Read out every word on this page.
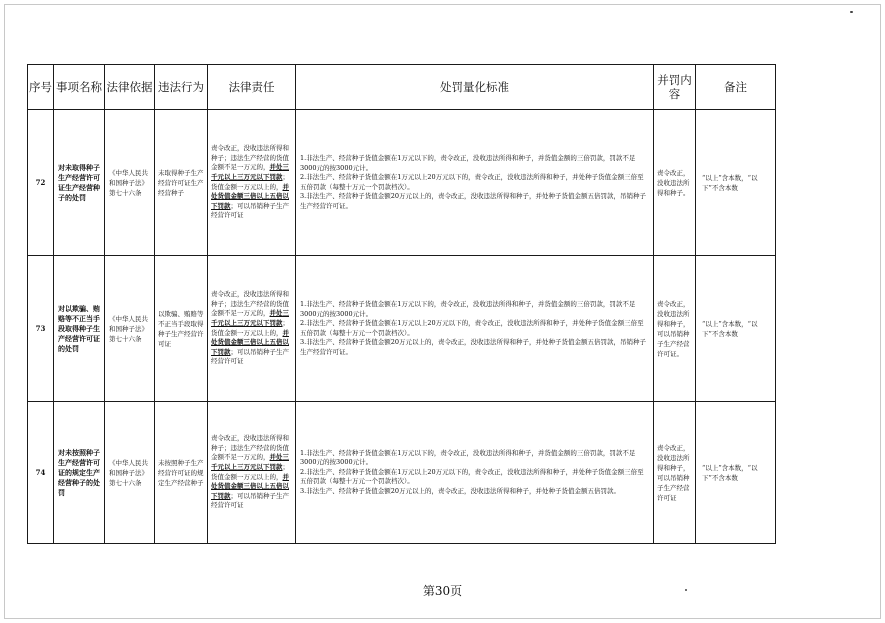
序号	事项名称	法律依据	违法行为	法律责任	处罚量化标准	并罚内容	备注
72	对未取得种子生产经营许可证生产经营种子的处罚	《中华人民共和国种子法》第七十六条	未取得种子生产经营许可证生产经营种子	责令改正，没收违法所得和种子；违法生产经营的货值金额不足一万元的，并处三千元以上三万元以下罚款；货值金额一万元以上的，并处货值金额三倍以上五倍以下罚款；可以吊销种子生产经营许可证	1.非法生产、经营种子货值金额在1万元以下的，责令改正，没收违法所得和种子，并货值金额的三倍罚款，罚款不足3000元的按3000元计。
2.非法生产、经营种子货值金额在1万元以上20万元以下的，责令改正，没收违法所得和种子，并处种子货值金额三倍至五倍罚款（每整十万元一个罚款档次）。
3.非法生产、经营种子货值金额20万元以上的，责令改正，没收违法所得和种子，并处种子货值金额五倍罚款，吊销种子生产经营许可证。	责令改正，没收违法所得和种子。	“以上”含本数，“以下”不含本数

73	对以欺骗、贿赂等不正当手段取得种子生产经营许可证的处罚	《中华人民共和国种子法》第七十六条	以欺骗、贿赂等不正当手段取得种子生产经营许可证	责令改正，没收违法所得和种子；违法生产经营的货值金额不足一万元的，并处三千元以上三万元以下罚款；货值金额一万元以上的，并处货值金额三倍以上五倍以下罚款；可以吊销种子生产经营许可证	1.非法生产、经营种子货值金额在1万元以下的，责令改正，没收违法所得和种子，并货值金额的三倍罚款，罚款不足3000元的按3000元计。
2.非法生产、经营种子货值金额在1万元以上20万元以下的，责令改正，没收违法所得和种子，并处种子货值金额三倍至五倍罚款（每整十万元一个罚款档次）。
3.非法生产、经营种子货值金额20万元以上的，责令改正，没收违法所得和种子，并处种子货值金额五倍罚款，吊销种子生产经营许可证。	责令改正，没收违法所得和种子，可以吊销种子生产经营许可证。	“以上”含本数，“以下”不含本数

74	对未按照种子生产经营许可证的规定生产经营种子的处罚	《中华人民共和国种子法》第七十六条	未按照种子生产经营许可证的规定生产经营种子	责令改正，没收违法所得和种子；违法生产经营的货值金额不足一万元的，并处三千元以上三万元以下罚款；货值金额一万元以上的，并处货值金额三倍以上五倍以下罚款；可以吊销种子生产经营许可证	1.非法生产、经营种子货值金额在1万元以下的，责令改正，没收违法所得和种子，并货值金额的三倍罚款，罚款不足3000元的按3000元计。
2.非法生产、经营种子货值金额在1万元以上20万元以下的，责令改正，没收违法所得和种子，并处种子货值金额三倍至五倍罚款（每整十万元一个罚款档次）。
3.非法生产、经营种子货值金额20万元以上的，责令改正，没收违法所得和种子，并处种子货值金额五倍罚款。	责令改正，没收违法所得和种子，可以吊销种子生产经营许可证	“以上”含本数，“以下”不含本数
第30页
